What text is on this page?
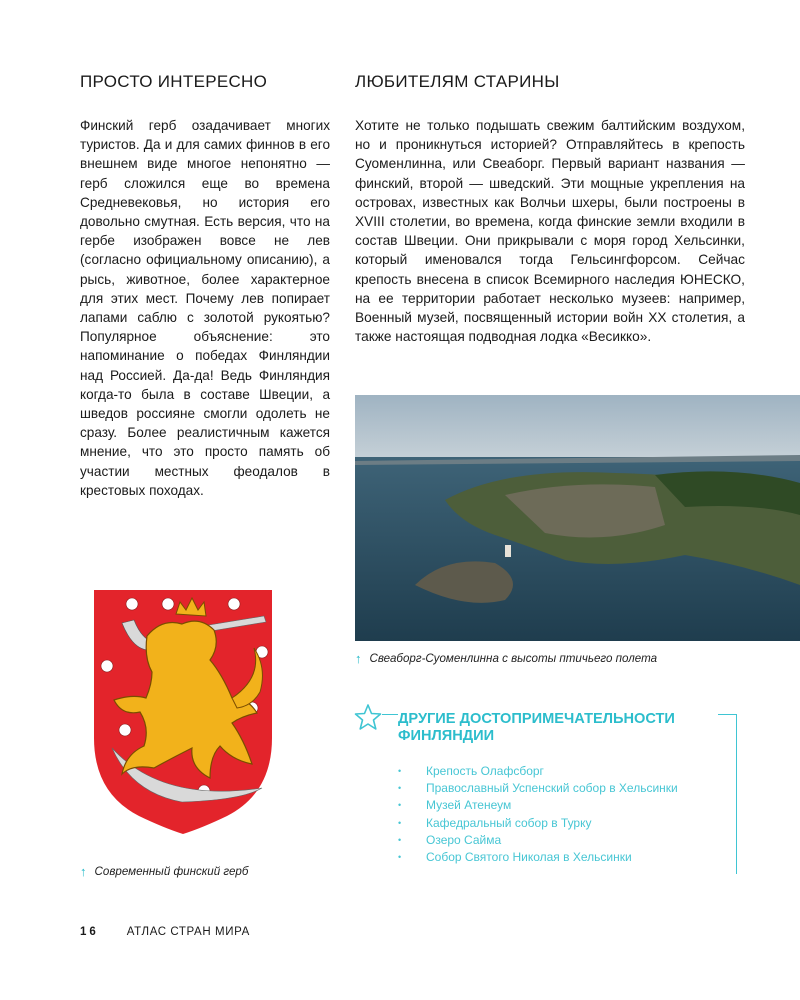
ПРОСТО ИНТЕРЕСНО
Финский герб озадачивает многих туристов. Да и для самих финнов в его внешнем виде многое непонятно — герб сложился еще во времена Средневековья, но история его довольно смутная. Есть версия, что на гербе изображен вовсе не лев (согласно официальному описанию), а рысь, животное, более характерное для этих мест. Почему лев попирает лапами саблю с золотой рукоятью? Популярное объяснение: это напоминание о победах Финляндии над Россией. Да-да! Ведь Финляндия когда-то была в составе Швеции, а шведов россияне смогли одолеть не сразу. Более реалистичным кажется мнение, что это просто память об участии местных феодалов в крестовых походах.
↑ Современный финский герб
ЛЮБИТЕЛЯМ СТАРИНЫ
Хотите не только подышать свежим балтийским воздухом, но и проникнуться историей? Отправляйтесь в крепость Суоменлинна, или Свеаборг. Первый вариант названия — финский, второй — шведский. Эти мощные укрепления на островах, известных как Волчьи шхеры, были построены в XVIII столетии, во времена, когда финские земли входили в состав Швеции. Они прикрывали с моря город Хельсинки, который именовался тогда Гельсингфорсом. Сейчас крепость внесена в список Всемирного наследия ЮНЕСКО, на ее территории работает несколько музеев: например, Военный музей, посвященный истории войн XX столетия, а также настоящая подводная лодка «Весикко».
↑ Свеаборг-Суоменлинна с высоты птичьего полета
ДРУГИЕ ДОСТОПРИМЕЧАТЕЛЬНОСТИ ФИНЛЯНДИИ
•	Крепость Олафсборг
•	Православный Успенский собор в Хельсинки
•	Музей Атенеум
•	Кафедральный собор в Турку
•	Озеро Сайма
•	Собор Святого Николая в Хельсинки
16 АТЛАС СТРАН МИРА
